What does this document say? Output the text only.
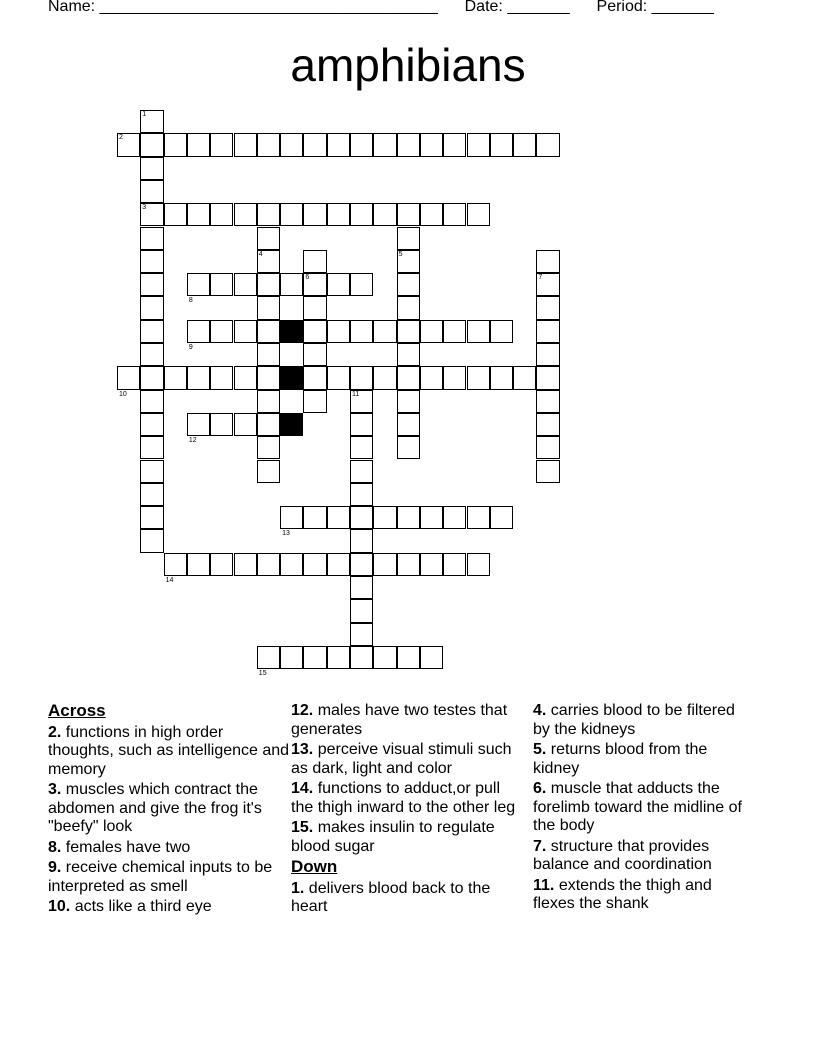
Name: ______________________________________ Date: _______ Period: _______
amphibians
1
2
3
4	5
6	7
8
9
10	11
12
13
14
15
Across
2. functions in high order thoughts, such as intelligence and memory
3. muscles which contract the abdomen and give the frog it's "beefy" look
8. females have two
9. receive chemical inputs to be interpreted as smell
10. acts like a third eye
12. males have two testes that generates
13. perceive visual stimuli such as dark, light and color
14. functions to adduct,or pull the thigh inward to the other leg
15. makes insulin to regulate blood sugar
Down
1. delivers blood back to the heart
4. carries blood to be filtered by the kidneys
5. returns blood from the kidney
6. muscle that adducts the forelimb toward the midline of the body
7. structure that provides balance and coordination
11. extends the thigh and flexes the shank
